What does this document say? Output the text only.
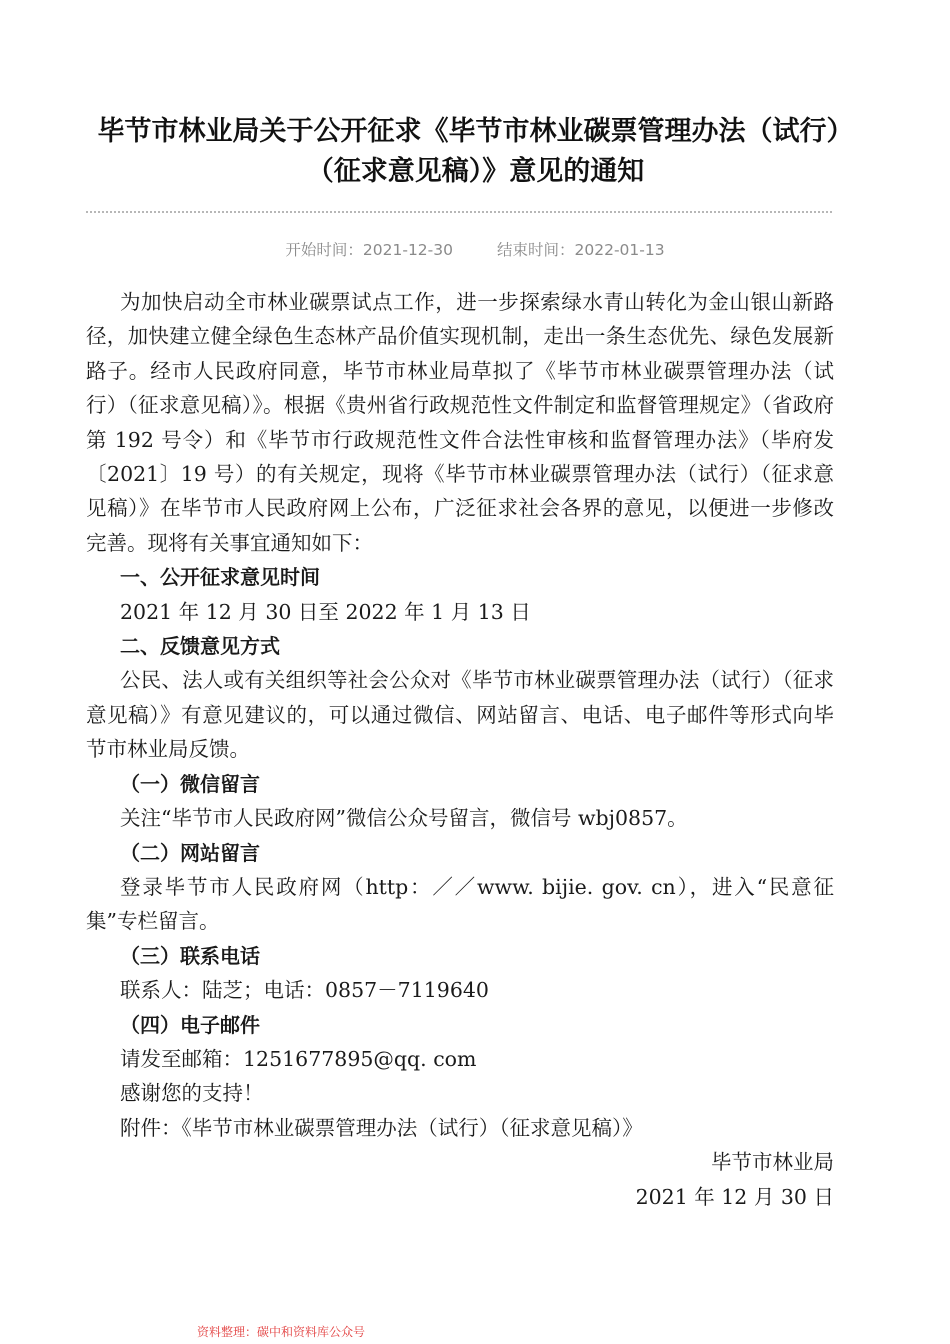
毕节市林业局关于公开征求《毕节市林业碳票管理办法（试行）（征求意见稿）》意见的通知
开始时间：2021-12-30	结束时间：2022-01-13

为加快启动全市林业碳票试点工作，进一步探索绿水青山转化为金山银山新路径，加快建立健全绿色生态林产品价值实现机制，走出一条生态优先、绿色发展新路子。经市人民政府同意，毕节市林业局草拟了《毕节市林业碳票管理办法（试行）（征求意见稿）》。根据《贵州省行政规范性文件制定和监督管理规定》（省政府第 192 号令）和《毕节市行政规范性文件合法性审核和监督管理办法》（毕府发〔2021〕19 号）的有关规定，现将《毕节市林业碳票管理办法（试行）（征求意见稿）》在毕节市人民政府网上公布，广泛征求社会各界的意见，以便进一步修改完善。现将有关事宜通知如下：

一、公开征求意见时间

2021 年 12 月 30 日至 2022 年 1 月 13 日

二、反馈意见方式

公民、法人或有关组织等社会公众对《毕节市林业碳票管理办法（试行）（征求意见稿）》有意见建议的，可以通过微信、网站留言、电话、电子邮件等形式向毕节市林业局反馈。

（一）微信留言

关注“毕节市人民政府网”微信公众号留言，微信号 wbj0857。

（二）网站留言

登录毕节市人民政府网（http：／／www. bijie. gov. cn），进入“民意征集”专栏留言。

（三）联系电话

联系人：陆芝；电话：0857－7119640

（四）电子邮件

请发至邮箱：1251677895@qq. com

感谢您的支持！

附件：《毕节市林业碳票管理办法（试行）（征求意见稿）》

毕节市林业局

2021 年 12 月 30 日

资料整理：碳中和资料库公众号
